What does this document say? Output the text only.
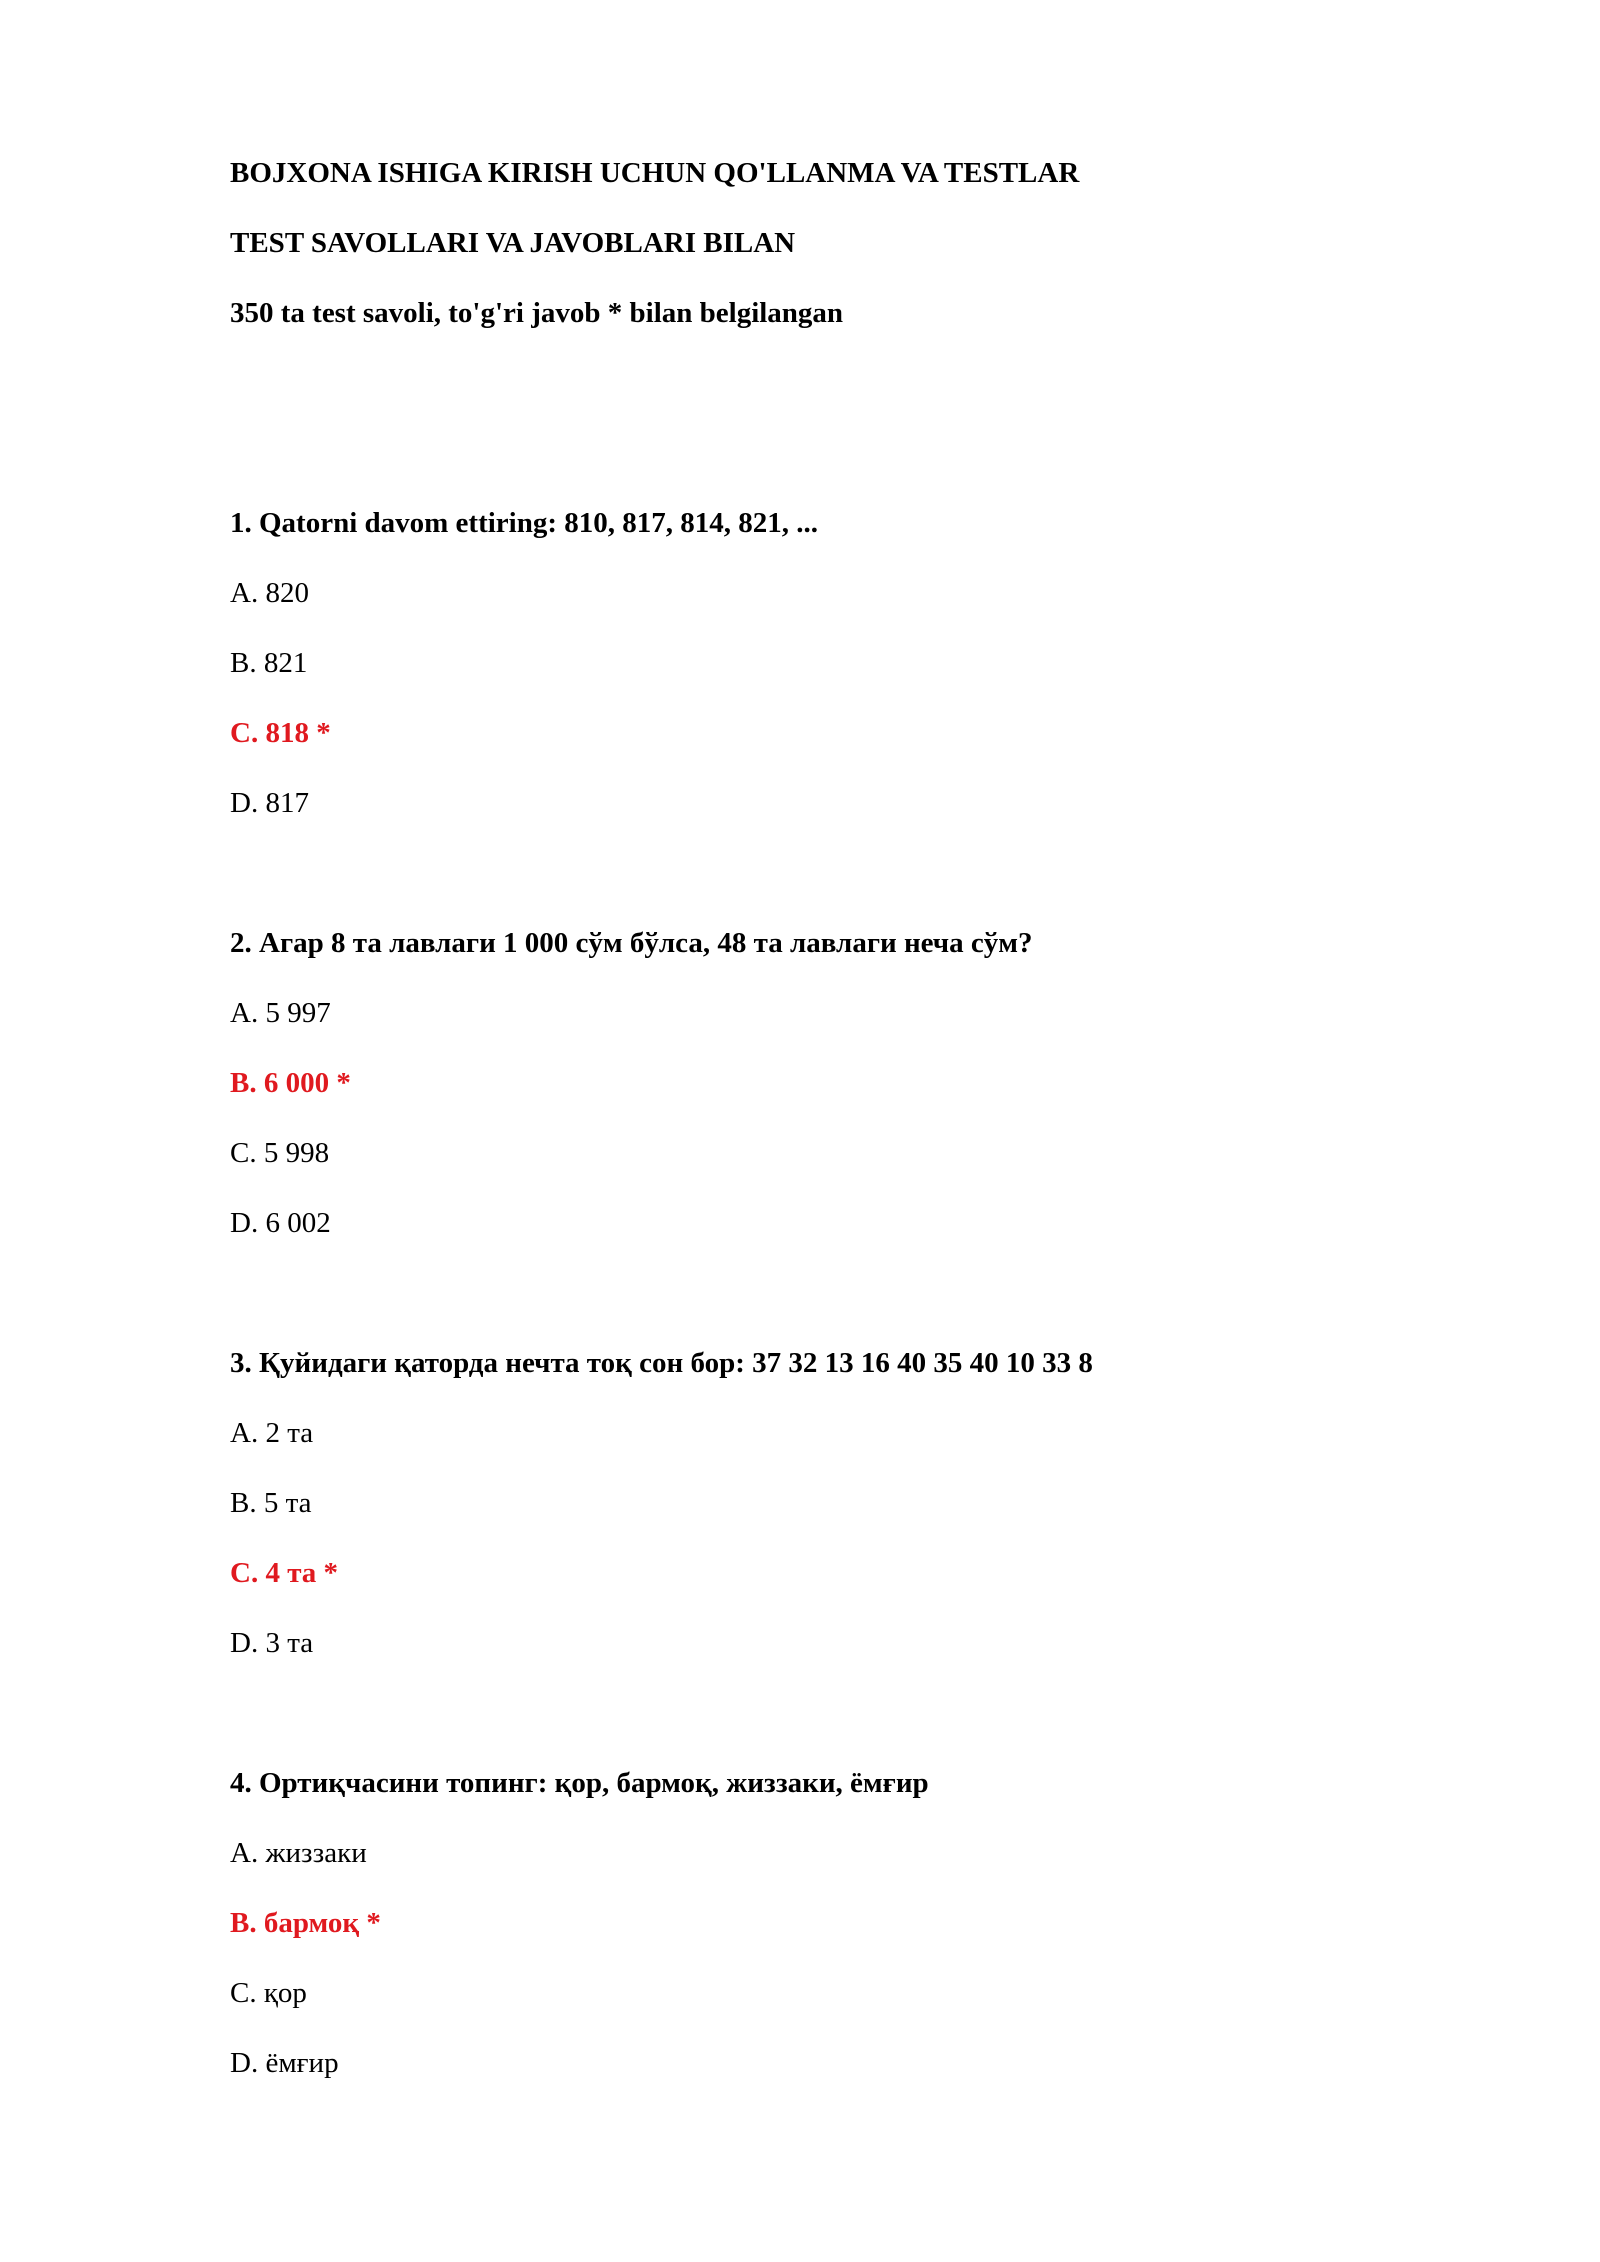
BOJXONA ISHIGA KIRISH UCHUN QO'LLANMA VA TESTLAR
TEST SAVOLLARI VA JAVOBLARI BILAN
350 ta test savoli, to'g'ri javob * bilan belgilangan
1. Qatorni davom ettiring: 810, 817, 814, 821, ...
A. 820
B. 821
C. 818 *
D. 817
2. Агар 8 та лавлаги 1 000 сўм бўлса, 48 та лавлаги неча сўм?
A. 5 997
B. 6 000 *
C. 5 998
D. 6 002
3. Қуйидаги қаторда нечта тоқ сон бор: 37 32 13 16 40 35 40 10 33 8
A. 2 та
B. 5 та
C. 4 та *
D. 3 та
4. Ортиқчасини топинг: қор, бармоқ, жиззаки, ёмғир
A. жиззаки
B. бармоқ *
C. қор
D. ёмғир
